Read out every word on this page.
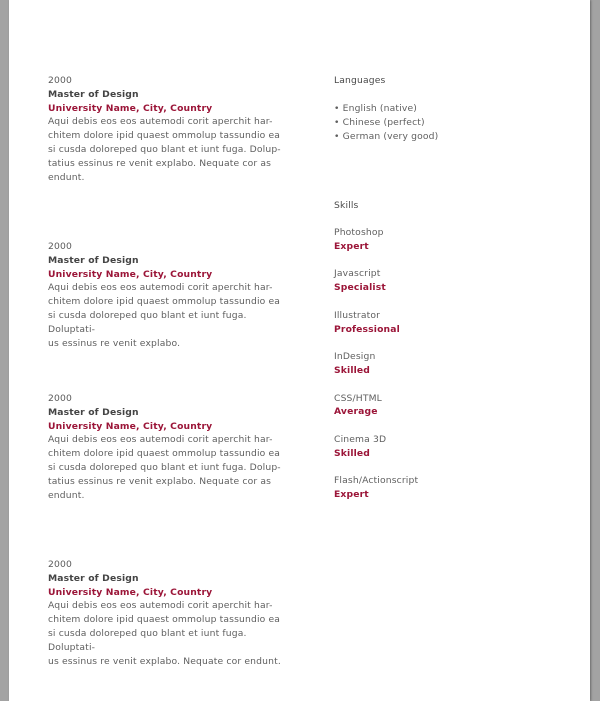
2000
Master of Design
University Name, City, Country
Aqui debis eos eos autemodi corit aperchit har-
chitem dolore ipid quaest ommolup tassundio ea
si cusda doloreped quo blant et iunt fuga. Dolup-
tatius essinus re venit explabo. Nequate cor as
endunt.
2000
Master of Design
University Name, City, Country
Aqui debis eos eos autemodi corit aperchit har-
chitem dolore ipid quaest ommolup tassundio ea
si cusda doloreped quo blant et iunt fuga. Doluptati-
us essinus re venit explabo.
2000
Master of Design
University Name, City, Country
Aqui debis eos eos autemodi corit aperchit har-
chitem dolore ipid quaest ommolup tassundio ea
si cusda doloreped quo blant et iunt fuga. Dolup-
tatius essinus re venit explabo. Nequate cor as
endunt.
2000
Master of Design
University Name, City, Country
Aqui debis eos eos autemodi corit aperchit har-
chitem dolore ipid quaest ommolup tassundio ea
si cusda doloreped quo blant et iunt fuga. Doluptati-
us essinus re venit explabo. Nequate cor endunt.
Languages
• English (native)
• Chinese (perfect)
• German (very good)
Skills
Photoshop
Expert
Javascript
Specialist
Illustrator
Professional
InDesign
Skilled
CSS/HTML
Average
Cinema 3D
Skilled
Flash/Actionscript
Expert
